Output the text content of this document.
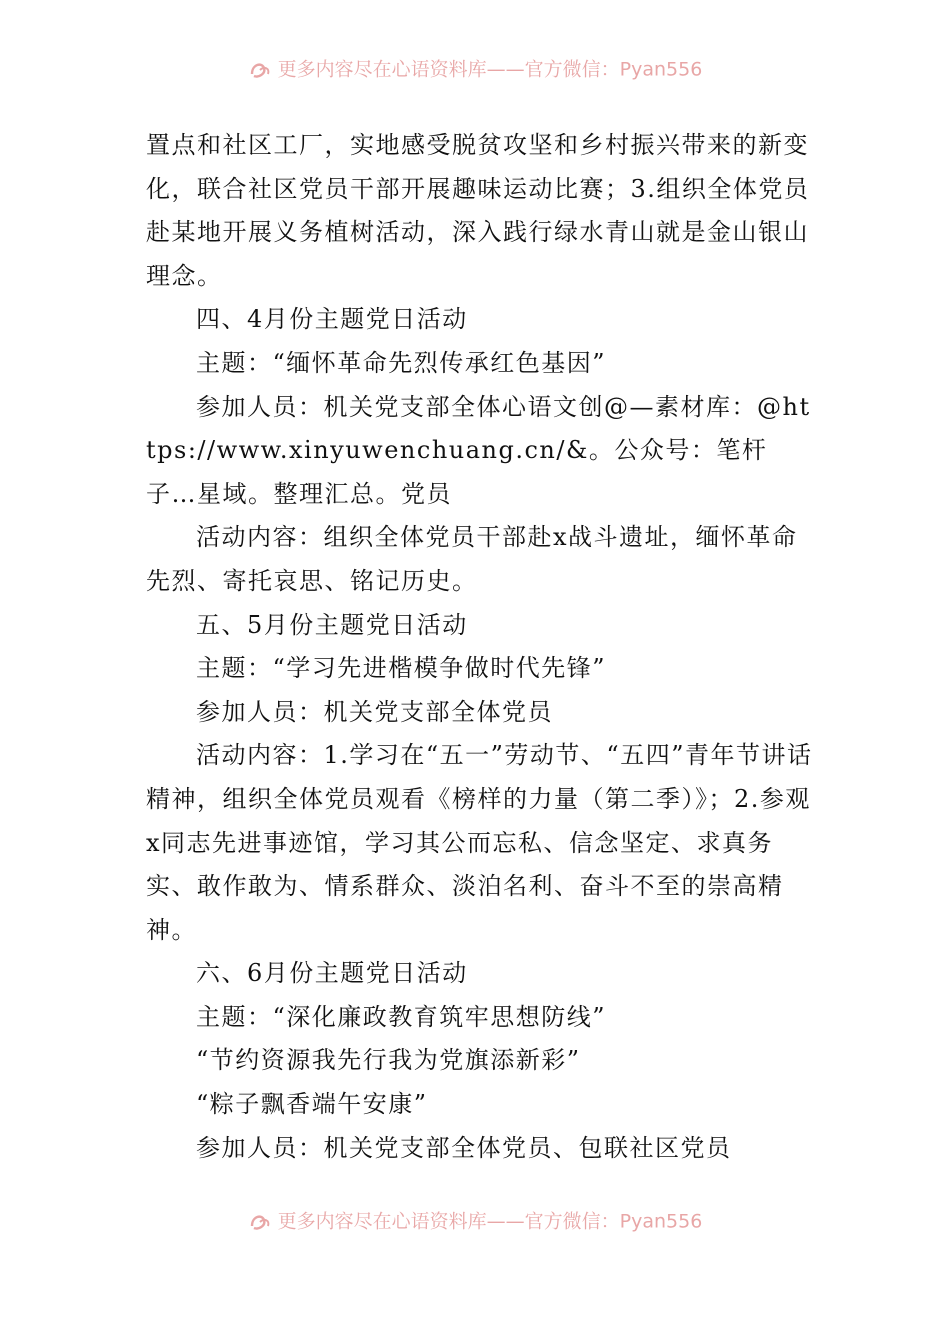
更多内容尽在心语资料库——官方微信：Pyan556

置点和社区工厂，实地感受脱贫攻坚和乡村振兴带来的新变化，联合社区党员干部开展趣味运动比赛；3.组织全体党员赴某地开展义务植树活动，深入践行绿水青山就是金山银山理念。

四、4月份主题党日活动

主题：“缅怀革命先烈传承红色基因”

参加人员：机关党支部全体心语文创@—素材库：@https://www.xinyuwenchuang.cn/&。公众号：笔杆子…星域。整理汇总。党员

活动内容：组织全体党员干部赴x战斗遗址，缅怀革命先烈、寄托哀思、铭记历史。

五、5月份主题党日活动

主题：“学习先进楷模争做时代先锋”

参加人员：机关党支部全体党员

活动内容：1.学习在“五一”劳动节、“五四”青年节讲话精神，组织全体党员观看《榜样的力量（第二季）》；2.参观x同志先进事迹馆，学习其公而忘私、信念坚定、求真务实、敢作敢为、情系群众、淡泊名利、奋斗不至的崇高精神。

六、6月份主题党日活动

主题：“深化廉政教育筑牢思想防线”

“节约资源我先行我为党旗添新彩”

“粽子飘香端午安康”

参加人员：机关党支部全体党员、包联社区党员

更多内容尽在心语资料库——官方微信：Pyan556
